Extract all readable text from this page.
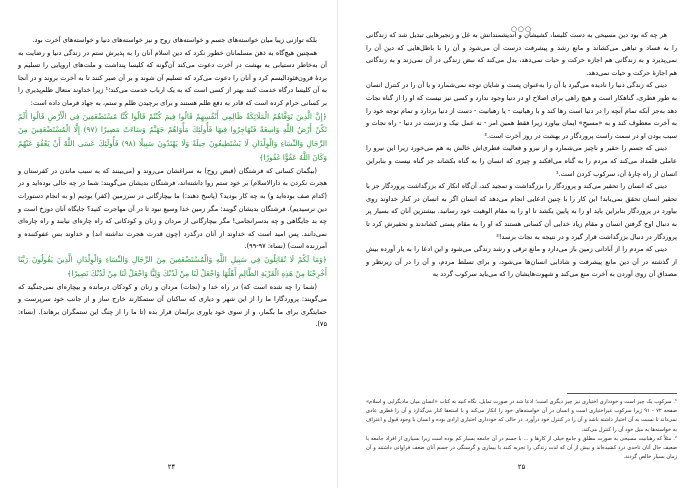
بلکه توازنی زیبا میان خواسته‌های جسم و خواسته‌های روح و نیز خواسته‌های دنیا و خواسته‌های آخرت بود.

همچنین هیچ‌گاه به ذهن مسلمانان خطور نکرد که دین اسلام آنان را به پذیرش ستم در زندگی دنیا و رضایت به آن به‌خاطر دستیابی به بهشت در آخرت دعوت می‌کند آن‌گونه که کلیسا پنداشت و ملت‌های اروپایی را تسلیم و بردهٔ قرون‌فئودالیسم کرد و آنان را دعوت می‌کرد که تسلیم آن شوند و بر آن صبر کنند تا به آخرت بروند و در آنجا به آن کلیسا درگاه خدمت کنند بهتر از کسی است که به یک ارباب خدمت می‌کند؛¹ زیرا خداوند متعال ظلم‌پذیری را بر کسانی حرام کرده است که قادر به دفع ظلم هستند و برای برچیدن ظلم و ستم، به جهاد فرمان داده است:

﴿إِنَّ الَّذِينَ تَوَفَّاهُمُ الْمَلَائِكَةُ ظَالِمِي أَنْفُسِهِمْ قَالُوا فِيمَ كُنْتُمْ قَالُوا كُنَّا مُسْتَضْعَفِينَ فِي الْأَرْضِ قَالُوا أَلَمْ تَكُنْ أَرْضُ اللَّهِ وَاسِعَةً فَتُهَاجِرُوا فِيهَا فَأُولَئِكَ مَأْوَاهُمْ جَهَنَّمُ وَسَاءَتْ مَصِيرًا (۹۷) إِلَّا الْمُسْتَضْعَفِينَ مِنَ الرِّجَالِ وَالنِّسَاءِ وَالْوِلْدَانِ لَا يَسْتَطِيعُونَ حِيلَةً وَلَا يَهْتَدُونَ سَبِيلًا (۹۸) فَأُولَئِكَ عَسَى اللَّهُ أَنْ يَعْفُوَ عَنْهُمْ وَكَانَ اللَّهُ عَفُوًّا غَفُورًا﴾

(بیگمان کسانی که فرشتگان (قبض روح) به سراغشان می‌روند و (می‌بینند که به سبب ماندن در کفرستان و هجرت نکردن به دارالاسلام) بر خود ستم روا داشته‌اند، فرشتگان بدیشان می‌گویند: شما در چه حالی بوده‌اید و در (کدام صف بوده‌اید و) به چه کار بودید؟ (پاسخ دهند:) ما بیچارگانی در سرزمین (کفر) بودیم (و به انجام دستورات دین نرسیدیم). فرشتگان بدیشان گویند: مگر زمین خدا وسیع نبود تا در آن مهاجرت کنید؟ جایگاه آنان دوزخ است و چه بد جایگاهی و چه بدسرانجامی! مگر بیچارگانی از مردان و زنان و کودکانی که راه چاره‌ای نیابند و راه چاره‌ای نمی‌دانند. پس امید است که خداوند از آنان درگذرد (چون قدرت هجرت نداشته اند) و خداوند بس عفوکننده و آمرزنده است) (نساء: ۹۷-۹۹).

﴿وَمَا لَكُمْ لَا تُقَاتِلُونَ فِي سَبِيلِ اللَّهِ وَالْمُسْتَضْعَفِينَ مِنَ الرِّجَالِ وَالنِّسَاءِ وَالْوِلْدَانِ الَّذِينَ يَقُولُونَ رَبَّنَا أَخْرِجْنَا مِنْ هَذِهِ الْقَرْيَةِ الظَّالِمِ أَهْلُهَا وَاجْعَلْ لَنَا مِنْ لَدُنْكَ وَلِيًّا وَاجْعَلْ لَنَا مِنْ لَدُنْكَ نَصِيرًا﴾

(شما را چه شده است که) در راه خدا و (نجات) مردان و زنان و کودکان درمانده و بیچاره‌ای نمی‌جنگید که می‌گویند: پروردگارا ما را از این شهر و دیاری که ساکنان آن ستمکارند خارج ساز و از جانب خود سرپرست و حمایتگری برای ما بگمار، و از سوی خود یاوری برایمان قرار بده (تا ما را از چنگ این ستمگران برهاند). (نساء: ۷۵).

۲۴
○○○

هر چه که بود دین مسیحی به دست کلیسا، کشیشان و اندیشمندانش به غل و زنجیرهایی تبدیل شد که زندگانی را به فساد و تباهی می‌کشاند و مانع رشد و پیشرفت درست آن می‌شود و آن را با باطل‌هایی که دین آن را نمی‌پذیرد و به زندگانی هم اجازه حرکت و حیات نمی‌دهد، بدل می‌کند که نبض زندگی در آن نمی‌زند و به زندگانی هم اجازهٔ حرکت و حیات نمی‌دهد.

دینی که زندگی دنیا را نادیده می‌گیرد یا آن را به‌عنوان پست و شایان توجه نمی‌شمارد و یا آن را در کنترل انسان به طور فطری، گناهکار است و هیچ راهی برای اصلاح او در دنیا وجود ندارد و کسی نیز نیست که او را از گناه نجات دهد به‌جز آنکه تمام آنچه را در دنیا است رها کند و با رهبانیت - یا رهبانیت - دست از دنیا بردارد و تمام توجه خود را به آخرت معطوف کند و به «مسیحِ» ایمان بیاورد زیرا فقط همین امر - نه عمل نیک و درست در دنیا - راه نجات و سبب بودن او در سمت راست پروردگار در بهشت در روز آخرت است.²

دینی که جسم را حقیر و ناچیز می‌شمارد و از نیرو و فعالیت فطری‌اش خالش به هم می‌خورد زیرا این نیرو را عاملی قلمداد می‌کند که مردم را به گناه می‌افکند و چیزی که انسان را به گناه بکشاند جز گناه نیست و بنابراین انسان از راه چارهٔ آن، سرکوب کردن است.¹

دینی که انسان را تحقیر می‌کند و پروردگار را بزرگداشت و تمجید کند، آن‌گاه انکار که بزرگداشت پروردگار جز با تحقیر انسان تحقق نمی‌یابد! این کار را با چنین ادعایی انجام می‌دهد که انسان اگر به انسان در کنار خداوند روی بیاورد در پروردگار بنابراین باید او را به پایین بکشد تا او را به مقام الوهیت خود رسانید. بیشترین آنان که بسیار پر به دنبال اوج گرفتن انسان و مقام زیاد خدایی آن کسانی هستند که او را به مقام پستی کشاندند و تحقیرش کرد تا پروردگار در دنبال بزرگداشت قرار گیرد و در نتیجه به نجات برسد!²

دینی که مردم را از آبادانی زمین باز می‌دارد و مانع ترقی و رشد زندگی می‌شود و این ادعا را به بار آورده بیش از گذشته در آن دین مانع پیشرفت و شادابی انسان‌ها می‌شود، و برای تسلط مردم، و آن را در آن زیرنظر و مصداق آن روی آوردن به آخرت منع می‌کند و شهوت‌هایشان را که می‌باید سرکوب گردد به

¹. سرکوب یک چیز است و خودداری اختیاری نیز چیز دیگری است؛ ادعا شد در صورت تمایل، نگاه کنید به کتاب «انسان میان مادیگرایی و اسلام» صفحه ۷۲ - ۹۱ زیرا سرکوب غیراختیاری است و انسان در آن خواسته‌های خود را انکار می‌کند و با استعفا کنار می‌گذارد و آن را فطری عادی نمی‌داند تا نسبت به آن اختیار داشته باشد و آن را در کنترل خود درآورد. در حالی که خودداری اختیاری ارادی بوده و انسان با وجود قبول و اعتراف به خواسته‌ها به میل خود آن را کنترل می‌کند.

². مثلاً که رهبانیت مسیحی به صورت مطلق و جامع خیلی از کارها و ... با جسم در آن جامعه بسیار کم بوده است زیرا بسیاری از افراد جامعه با ضعیف حال آنان تاحدی درد کشیده‌اند و بیش از آن که لذت زندگی را تجربه کنند با بیماری و گرسنگی در جسم آنان ضعف فراوانی داشتند و آن زمان بسیار خالص گردند.

۲۵
